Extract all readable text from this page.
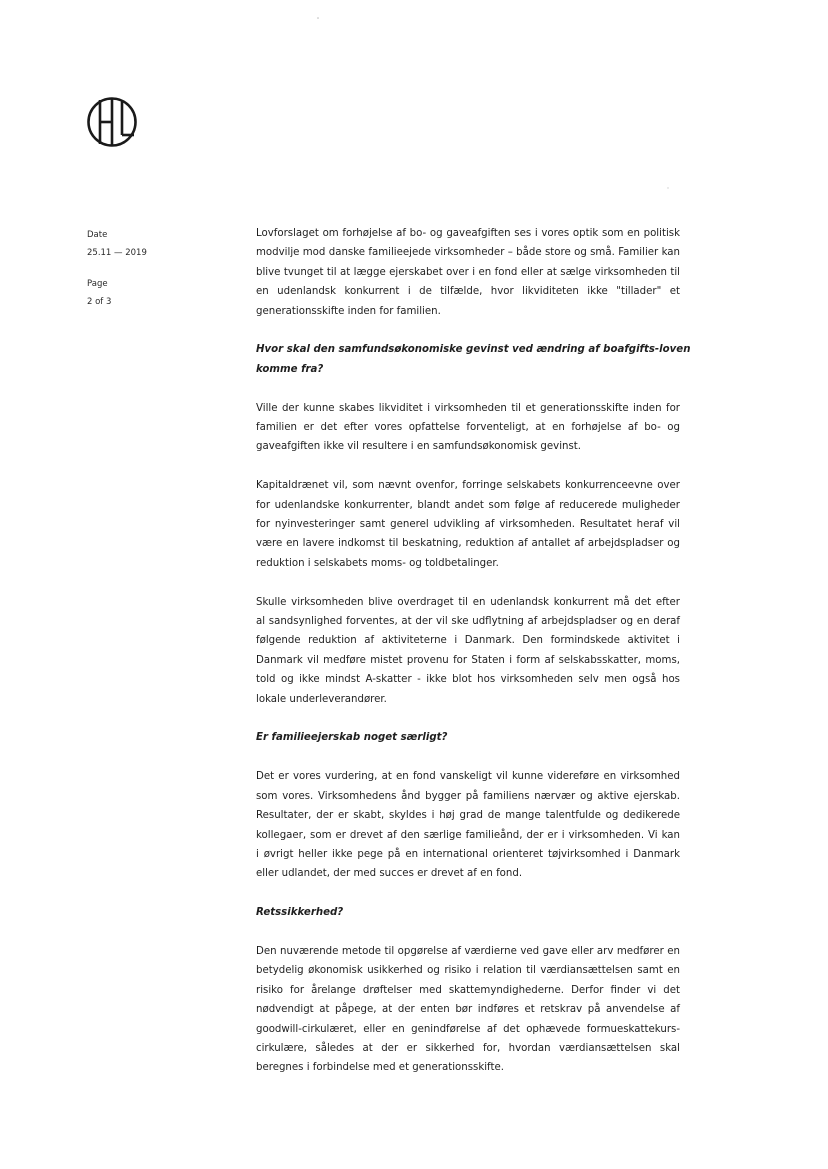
Date
25.11 — 2019
Page
2 of 3
Lovforslaget om forhøjelse af bo- og gaveafgiften ses i vores optik som en politisk
modvilje mod danske familieejede virksomheder – både store og små. Familier kan
blive tvunget til at lægge ejerskabet over i en fond eller at sælge virksomheden til
en udenlandsk konkurrent i de tilfælde, hvor likviditeten ikke "tillader" et
generationsskifte inden for familien.
Hvor skal den samfundsøkonomiske gevinst ved ændring af boafgifts-loven
komme fra?
Ville der kunne skabes likviditet i virksomheden til et generationsskifte inden for
familien er det efter vores opfattelse forventeligt, at en forhøjelse af bo- og
gaveafgiften ikke vil resultere i en samfundsøkonomisk gevinst.
Kapitaldrænet vil, som nævnt ovenfor, forringe selskabets konkurrenceevne over
for udenlandske konkurrenter, blandt andet som følge af reducerede muligheder
for nyinvesteringer samt generel udvikling af virksomheden. Resultatet heraf vil
være en lavere indkomst til beskatning, reduktion af antallet af arbejdspladser og
reduktion i selskabets moms- og toldbetalinger.
Skulle virksomheden blive overdraget til en udenlandsk konkurrent må det efter
al sandsynlighed forventes, at der vil ske udflytning af arbejdspladser og en deraf
følgende reduktion af aktiviteterne i Danmark. Den formindskede aktivitet i
Danmark vil medføre mistet provenu for Staten i form af selskabsskatter, moms,
told og ikke mindst A-skatter - ikke blot hos virksomheden selv men også hos
lokale underleverandører.
Er familieejerskab noget særligt?
Det er vores vurdering, at en fond vanskeligt vil kunne videreføre en virksomhed
som vores. Virksomhedens ånd bygger på familiens nærvær og aktive ejerskab.
Resultater, der er skabt, skyldes i høj grad de mange talentfulde og dedikerede
kollegaer, som er drevet af den særlige familieånd, der er i virksomheden. Vi kan
i øvrigt heller ikke pege på en international orienteret tøjvirksomhed i Danmark
eller udlandet, der med succes er drevet af en fond.
Retssikkerhed?
Den nuværende metode til opgørelse af værdierne ved gave eller arv medfører en
betydelig økonomisk usikkerhed og risiko i relation til værdiansættelsen samt en
risiko for årelange drøftelser med skattemyndighederne. Derfor finder vi det
nødvendigt at påpege, at der enten bør indføres et retskrav på anvendelse af
goodwill-cirkulæret, eller en genindførelse af det ophævede formueskattekurs-
cirkulære, således at der er sikkerhed for, hvordan værdiansættelsen skal
beregnes i forbindelse med et generationsskifte.
